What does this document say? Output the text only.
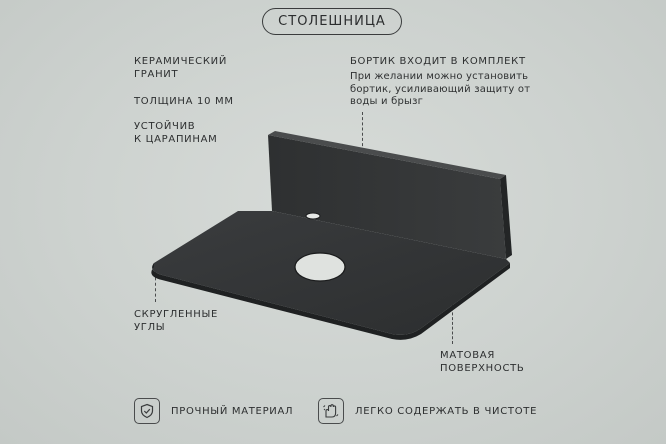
СТОЛЕШНИЦА
КЕРАМИЧЕСКИЙ
ГРАНИТ
ТОЛЩИНА 10 ММ
УСТОЙЧИВ
К ЦАРАПИНАМ
БОРТИК ВХОДИТ В КОМПЛЕКТ
При желании можно установить
бортик, усиливающий защиту от
воды и брызг
СКРУГЛЕННЫЕ
УГЛЫ
МАТОВАЯ
ПОВЕРХНОСТЬ
ПРОЧНЫЙ МАТЕРИАЛ	ЛЕГКО СОДЕРЖАТЬ В ЧИСТОТЕ
